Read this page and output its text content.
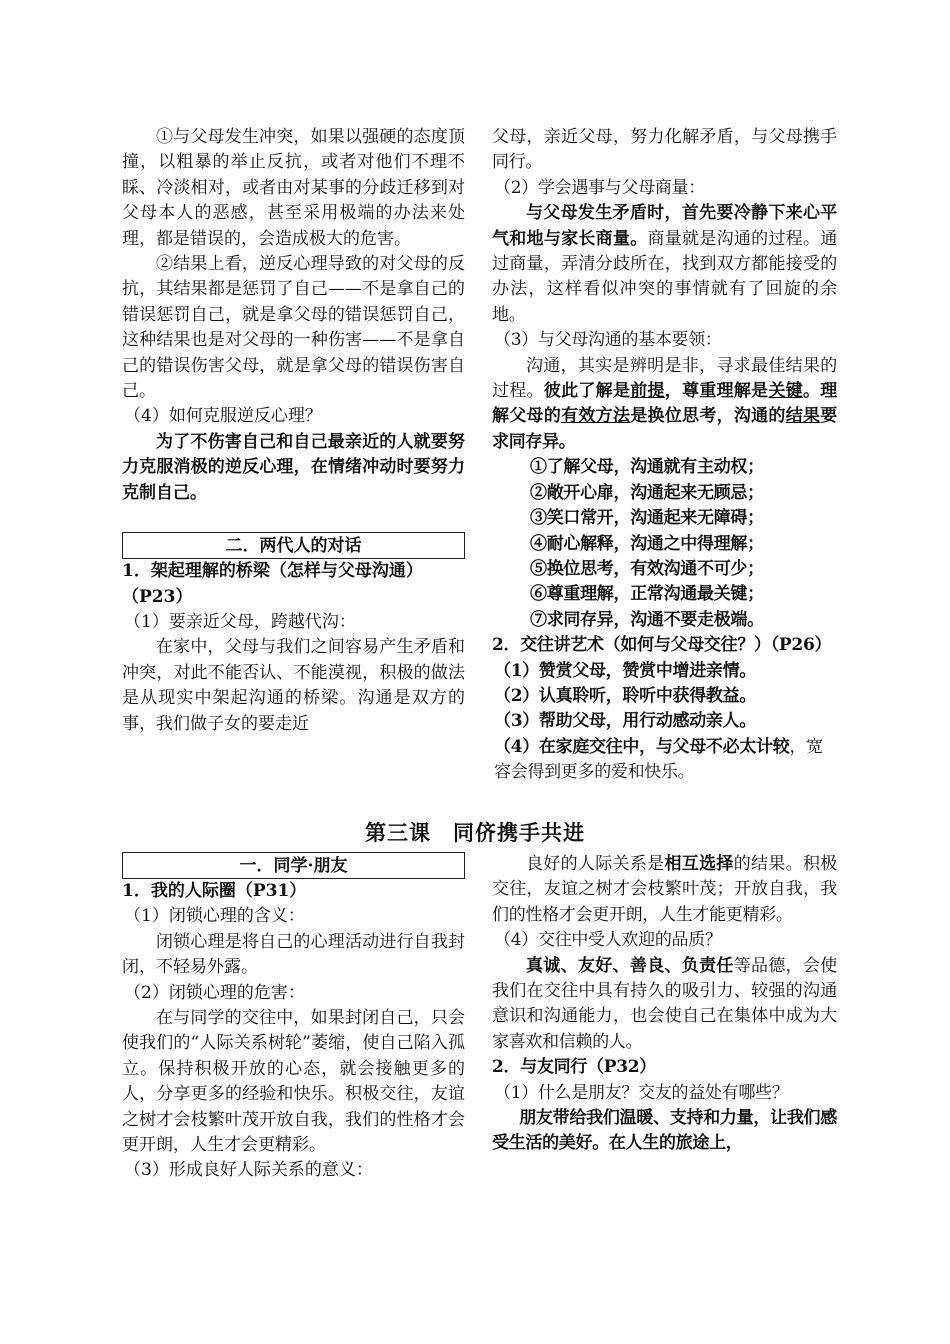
①与父母发生冲突，如果以强硬的态度顶撞，以粗暴的举止反抗，或者对他们不理不睬、冷淡相对，或者由对某事的分歧迁移到对父母本人的恶感，甚至采用极端的办法来处理，都是错误的，会造成极大的危害。

②结果上看，逆反心理导致的对父母的反抗，其结果都是惩罚了自己——不是拿自己的错误惩罚自己，就是拿父母的错误惩罚自己，这种结果也是对父母的一种伤害——不是拿自己的错误伤害父母，就是拿父母的错误伤害自己。

（4）如何克服逆反心理？

为了不伤害自己和自己最亲近的人就要努力克服消极的逆反心理，在情绪冲动时要努力克制自己。

二．两代人的对话

1．架起理解的桥梁（怎样与父母沟通）（P23）

（1）要亲近父母，跨越代沟：

在家中，父母与我们之间容易产生矛盾和冲突，对此不能否认、不能漠视，积极的做法是从现实中架起沟通的桥梁。沟通是双方的事，我们做子女的要走近

父母，亲近父母，努力化解矛盾，与父母携手同行。

（2）学会遇事与父母商量：

与父母发生矛盾时，首先要冷静下来心平气和地与家长商量。商量就是沟通的过程。通过商量，弄清分歧所在，找到双方都能接受的办法，这样看似冲突的事情就有了回旋的余地。

（3）与父母沟通的基本要领：

沟通，其实是辨明是非，寻求最佳结果的过程。彼此了解是前提，尊重理解是关键。理解父母的有效方法是换位思考，沟通的结果要求同存异。

①了解父母，沟通就有主动权；

②敞开心扉，沟通起来无顾忌；

③笑口常开，沟通起来无障碍；

④耐心解释，沟通之中得理解；

⑤换位思考，有效沟通不可少；

⑥尊重理解，正常沟通最关键；

⑦求同存异，沟通不要走极端。

2．交往讲艺术（如何与父母交往？）（P26）

（1）赞赏父母，赞赏中增进亲情。

（2）认真聆听，聆听中获得教益。

（3）帮助父母，用行动感动亲人。

（4）在家庭交往中，与父母不必太计较，宽容会得到更多的爱和快乐。

第三课　同侪携手共进
一．同学·朋友

1．我的人际圈（P31）

（1）闭锁心理的含义：

闭锁心理是将自己的心理活动进行自我封闭，不轻易外露。

（2）闭锁心理的危害：

在与同学的交往中，如果封闭自己，只会使我们的“人际关系树轮”萎缩，使自己陷入孤立。保持积极开放的心态，就会接触更多的人，分享更多的经验和快乐。积极交往，友谊之树才会枝繁叶茂开放自我，我们的性格才会更开朗，人生才会更精彩。

（3）形成良好人际关系的意义：

良好的人际关系是相互选择的结果。积极交往，友谊之树才会枝繁叶茂；开放自我，我们的性格才会更开朗，人生才能更精彩。

（4）交往中受人欢迎的品质？

真诚、友好、善良、负责任等品德，会使我们在交往中具有持久的吸引力、较强的沟通意识和沟通能力，也会使自己在集体中成为大家喜欢和信赖的人。

2．与友同行（P32）

（1）什么是朋友？交友的益处有哪些？

朋友带给我们温暖、支持和力量，让我们感受生活的美好。在人生的旅途上，
